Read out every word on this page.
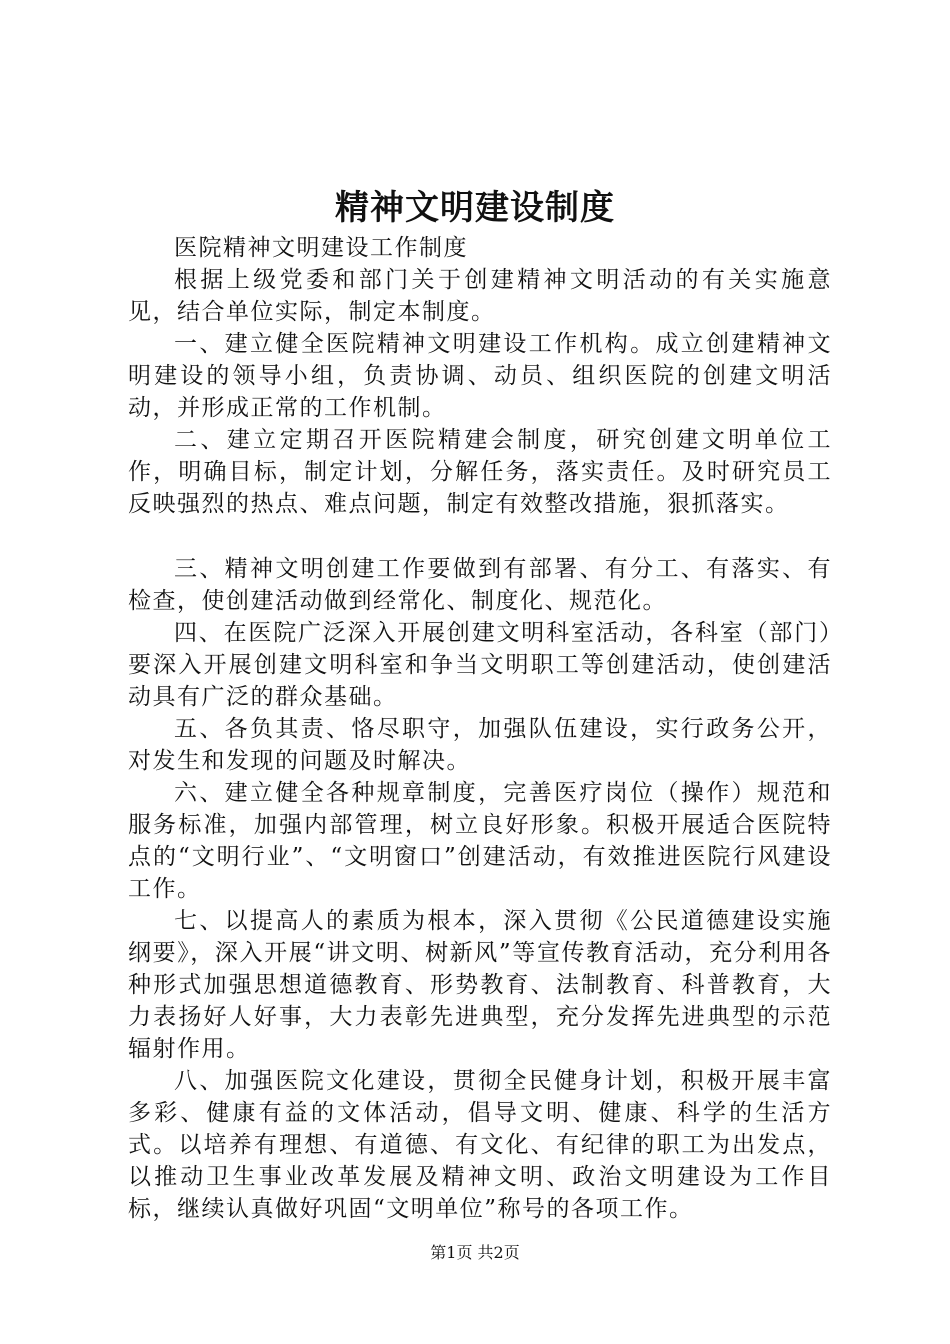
精神文明建设制度

医院精神文明建设工作制度

根据上级党委和部门关于创建精神文明活动的有关实施意见，结合单位实际，制定本制度。

一、建立健全医院精神文明建设工作机构。成立创建精神文明建设的领导小组，负责协调、动员、组织医院的创建文明活动，并形成正常的工作机制。

二、建立定期召开医院精建会制度，研究创建文明单位工作，明确目标，制定计划，分解任务，落实责任。及时研究员工反映强烈的热点、难点问题，制定有效整改措施，狠抓落实。

三、精神文明创建工作要做到有部署、有分工、有落实、有检查，使创建活动做到经常化、制度化、规范化。

四、在医院广泛深入开展创建文明科室活动，各科室（部门）要深入开展创建文明科室和争当文明职工等创建活动，使创建活动具有广泛的群众基础。

五、各负其责、恪尽职守，加强队伍建设，实行政务公开，对发生和发现的问题及时解决。

六、建立健全各种规章制度，完善医疗岗位（操作）规范和服务标准，加强内部管理，树立良好形象。积极开展适合医院特点的“文明行业”、“文明窗口”创建活动，有效推进医院行风建设工作。

七、以提高人的素质为根本，深入贯彻《公民道德建设实施纲要》，深入开展“讲文明、树新风”等宣传教育活动，充分利用各种形式加强思想道德教育、形势教育、法制教育、科普教育，大力表扬好人好事，大力表彰先进典型，充分发挥先进典型的示范辐射作用。

八、加强医院文化建设，贯彻全民健身计划，积极开展丰富多彩、健康有益的文体活动，倡导文明、健康、科学的生活方式。以培养有理想、有道德、有文化、有纪律的职工为出发点，以推动卫生事业改革发展及精神文明、政治文明建设为工作目标，继续认真做好巩固“文明单位”称号的各项工作。

第1页 共2页
